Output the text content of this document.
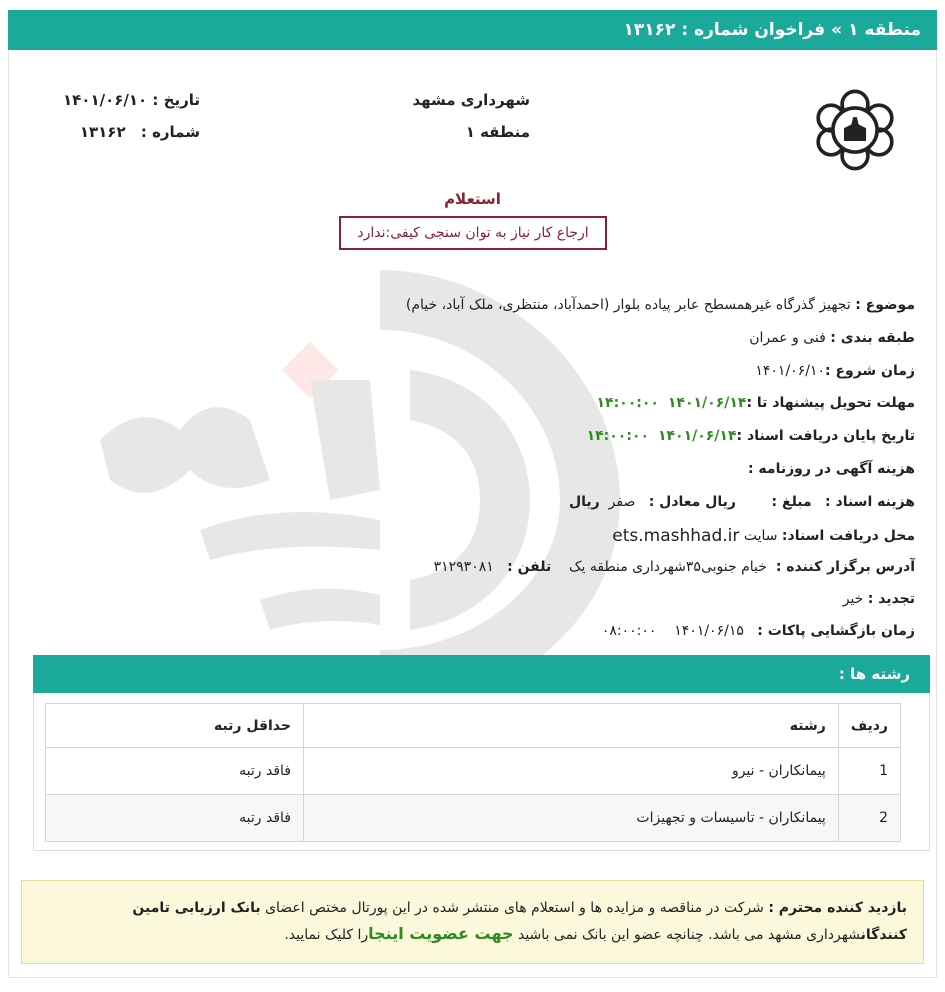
منطقه ۱
»
فراخوان شماره :
۱۳۱۶۲
شهرداری مشهد
منطقه ۱
تاریخ : ۱۴۰۱/۰۶/۱۰
شماره : ۱۳۱۶۲
استعلام
ارجاع کار نیاز به توان سنجی کیفی:ندارد
موضوع :

تجهیز گذرگاه غیرهمسطح عابر پیاده بلوار (احمدآباد، منتظری، ملک آباد، خیام)
طبقه بندی :

فنی و عمران
زمان شروع :
۱۴۰۱/۰۶/۱۰
مهلت تحویل پیشنهاد تا :
۱۴۰۱/۰۶/۱۴

۱۴:۰۰:۰۰
تاریخ پایان دریافت اسناد :
۱۴۰۱/۰۶/۱۴

۱۴:۰۰:۰۰
هزینه آگهی در روزنامه :
هزینه اسناد :

مبلغ :

ریال معادل :

صفر

ریال
محل دریافت اسناد:

سایت

ets.mashhad.ir
آدرس برگزار کننده :

خیام جنوبی۳۵شهرداری منطقه یک

تلفن :

۳۱۲۹۳۰۸۱
تجدید :

خیر
زمان بازگشایی پاکات :

۱۴۰۱/۰۶/۱۵

۰۸:۰۰:۰۰
رشته ها :
ردیف	رشته	حداقل رتبه
1	پیمانکاران - نیرو	فاقد رتبه
2	پیمانکاران - تاسیسات و تجهیزات	فاقد رتبه
بازدید کننده محترم : شرکت در مناقصه و مزایده ها و استعلام های منتشر شده در این پورتال مختص اعضای بانک ارزیابی تامین کنندگانشهرداری مشهد می باشد. چنانچه عضو این بانک نمی باشید جهت عضویت اینجارا کلیک نمایید.
